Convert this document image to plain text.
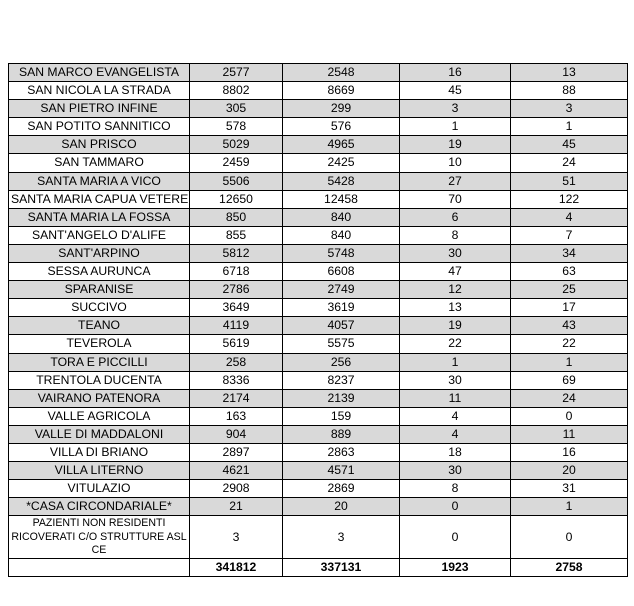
SAN MARCO EVANGELISTA	2577	2548	16	13
SAN NICOLA LA STRADA	8802	8669	45	88
SAN PIETRO INFINE	305	299	3	3
SAN POTITO SANNITICO	578	576	1	1
SAN PRISCO	5029	4965	19	45
SAN TAMMARO	2459	2425	10	24
SANTA MARIA A VICO	5506	5428	27	51
SANTA MARIA CAPUA VETERE	12650	12458	70	122
SANTA MARIA LA FOSSA	850	840	6	4
SANT'ANGELO D'ALIFE	855	840	8	7
SANT'ARPINO	5812	5748	30	34
SESSA AURUNCA	6718	6608	47	63
SPARANISE	2786	2749	12	25
SUCCIVO	3649	3619	13	17
TEANO	4119	4057	19	43
TEVEROLA	5619	5575	22	22
TORA E PICCILLI	258	256	1	1
TRENTOLA DUCENTA	8336	8237	30	69
VAIRANO PATENORA	2174	2139	11	24
VALLE AGRICOLA	163	159	4	0
VALLE DI MADDALONI	904	889	4	11
VILLA DI BRIANO	2897	2863	18	16
VILLA LITERNO	4621	4571	30	20
VITULAZIO	2908	2869	8	31
*CASA CIRCONDARIALE*	21	20	0	1
PAZIENTI NON RESIDENTI RICOVERATI C/O STRUTTURE ASL CE	3	3	0	0
	341812	337131	1923	2758
